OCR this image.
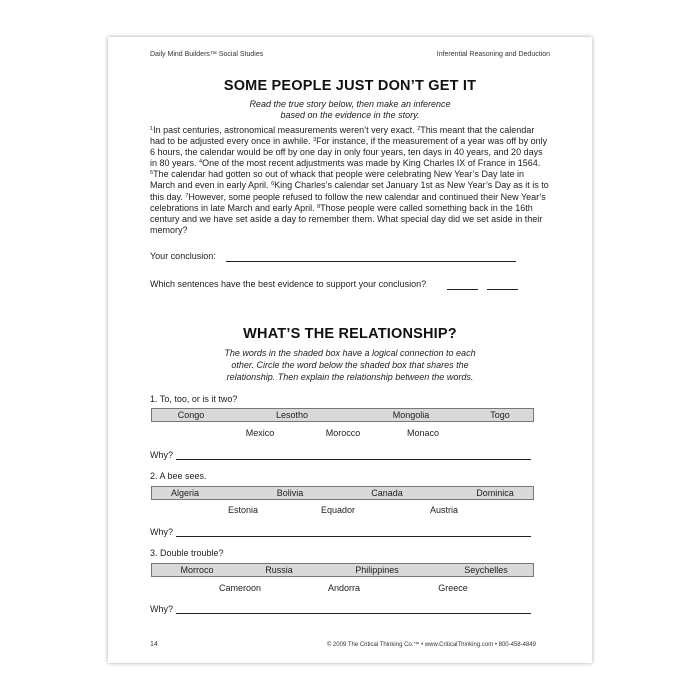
Daily Mind Builders™ Social Studies	Inferential Reasoning and Deduction
SOME PEOPLE JUST DON’T GET IT
Read the true story below, then make an inference
based on the evidence in the story.
$^1$In past centuries, astronomical measurements weren’t very exact. $^2$This meant that the calendar had to be adjusted every once in awhile. $^3$For instance, if the measurement of a year was off by only 6 hours, the calendar would be off by one day in only four years, ten days in 40 years, and 20 days in 80 years. $^4$One of the most recent adjustments was made by King Charles IX of France in 1564. $^5$The calendar had gotten so out of whack that people were celebrating New Year’s Day late in March and even in early April. $^6$King Charles’s calendar set January 1st as New Year’s Day as it is to this day. $^7$However, some people refused to follow the new calendar and continued their New Year’s celebrations in late March and early April. $^8$Those people were called something back in the 16th century and we have set aside a day to remember them. What special day did we set aside in their memory?
Your conclusion:
Which sentences have the best evidence to support your conclusion?
WHAT’S THE RELATIONSHIP?
The words in the shaded box have a logical connection to each
other. Circle the word below the shaded box that shares the
relationship. Then explain the relationship between the words.
1. To, too, or is it two?
Congo	Lesotho	Mongolia	Togo
Mexico	Morocco	Monaco
Why?
2. A bee sees.
Algeria	Bolivia	Canada	Dominica
Estonia	Equador	Austria
Why?
3. Double trouble?
Morroco	Russia	Philippines	Seychelles
Cameroon	Andorra	Greece
Why?
14	© 2009 The Critical Thinking Co.™ • www.CriticalThinking.com • 800-458-4849
